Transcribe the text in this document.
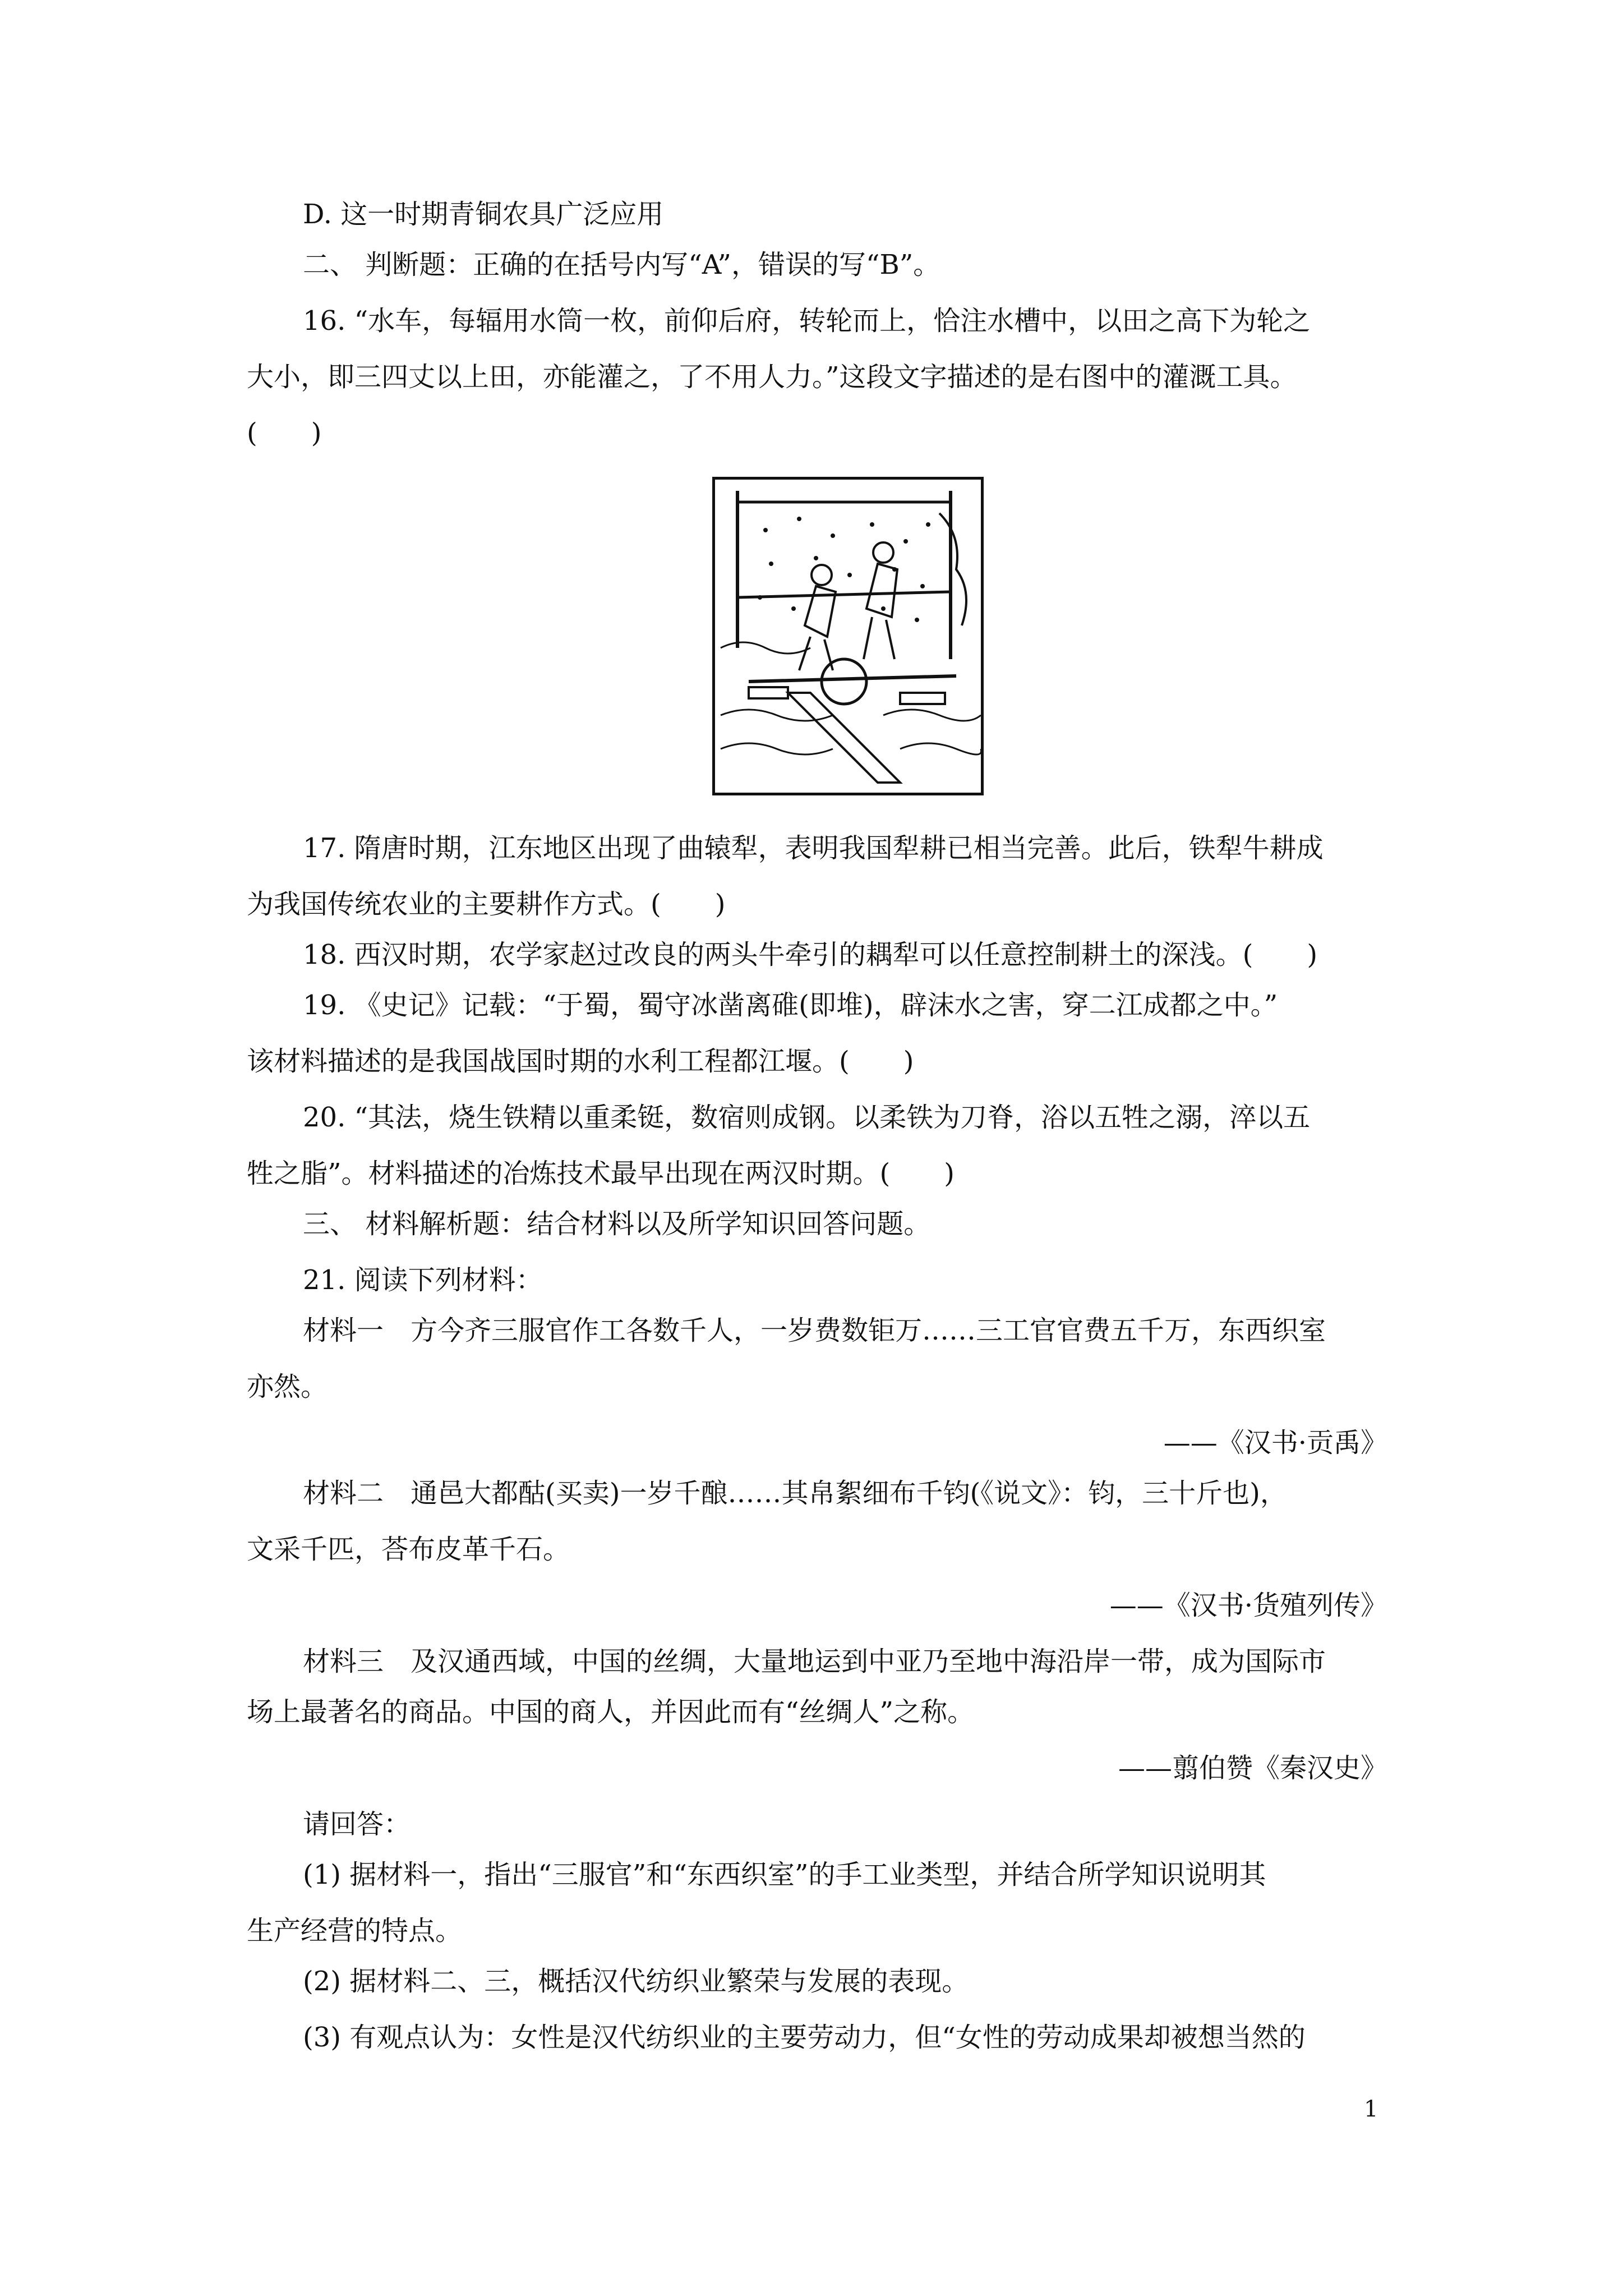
D. 这一时期青铜农具广泛应用
二、 判断题：正确的在括号内写“A”，错误的写“B”。
16. “水车，每辐用水筒一枚，前仰后府，转轮而上，恰注水槽中，以田之高下为轮之
大小，即三四丈以上田，亦能灌之，了不用人力。”这段文字描述的是右图中的灌溉工具。
(　　)
17. 隋唐时期，江东地区出现了曲辕犁，表明我国犁耕已相当完善。此后，铁犁牛耕成
为我国传统农业的主要耕作方式。(　　)
18. 西汉时期，农学家赵过改良的两头牛牵引的耦犁可以任意控制耕土的深浅。(　　)
19. 《史记》记载：“于蜀，蜀守冰凿离碓(即堆)，辟沫水之害，穿二江成都之中。”
该材料描述的是我国战国时期的水利工程都江堰。(　　)
20. “其法，烧生铁精以重柔铤，数宿则成钢。以柔铁为刀脊，浴以五牲之溺，淬以五
牲之脂”。材料描述的冶炼技术最早出现在两汉时期。(　　)
三、 材料解析题：结合材料以及所学知识回答问题。
21. 阅读下列材料：
材料一　方今齐三服官作工各数千人，一岁费数钜万……三工官官费五千万，东西织室
亦然。
——《汉书·贡禹》
材料二　通邑大都酤(买卖)一岁千酿……其帛絮细布千钧(《说文》：钧，三十斤也)，
文采千匹，荅布皮革千石。
——《汉书·货殖列传》
材料三　及汉通西域，中国的丝绸，大量地运到中亚乃至地中海沿岸一带，成为国际市
场上最著名的商品。中国的商人，并因此而有“丝绸人”之称。
——翦伯赞《秦汉史》
请回答：
(1) 据材料一，指出“三服官”和“东西织室”的手工业类型，并结合所学知识说明其
生产经营的特点。
(2) 据材料二、三，概括汉代纺织业繁荣与发展的表现。
(3) 有观点认为：女性是汉代纺织业的主要劳动力，但“女性的劳动成果却被想当然的
1
